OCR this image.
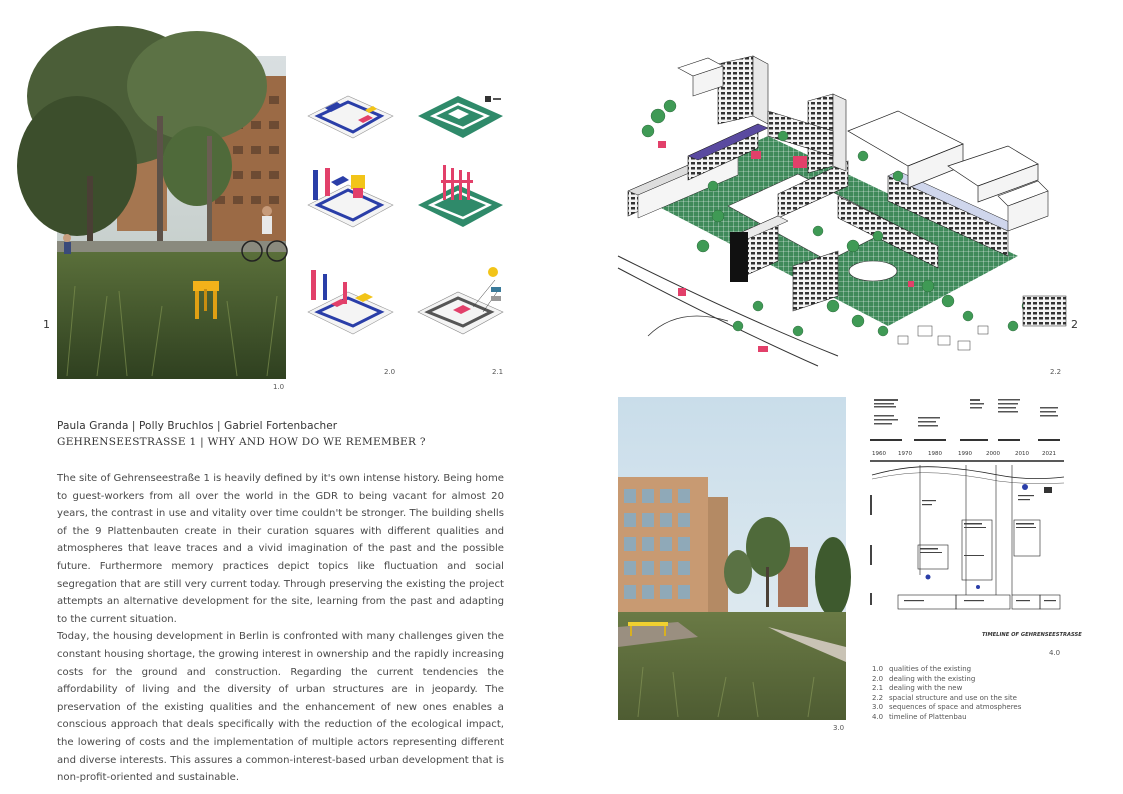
1	2
1.0
2.0	2.1	2.2
3.0
1960 1970	1980	1990	2000	2010 2021
TIMELINE OF GEHRENSEESTRASSE
4.0
1.0 qualities of the existing
2.0 dealing with the existing
2.1 dealing with the new
2.2 spacial structure and use on the site
3.0 sequences of space and atmospheres
4.0 timeline of Plattenbau
Paula Granda | Polly Bruchlos | Gabriel Fortenbacher
GEHRENSEESTRASSE 1 | WHY AND HOW DO WE REMEMBER ?

The site of Gehrenseestraße 1 is heavily defined by it's own intense history. Being home to guest-workers from all over the world in the GDR to being vacant for almost 20 years, the contrast in use and vitality over time couldn't be stronger. The building shells of the 9 Plattenbauten create in their curation squares with different qualities and atmospheres that leave traces and a vivid imagination of the past and the possible future. Furthermore memory practices depict topics like fluctuation and social segregation that are still very current today. Through preserving the existing the project attempts an alternative development for the site, learning from the past and adapting to the current situation.

Today, the housing development in Berlin is confronted with many challenges given the constant housing shortage, the growing interest in ownership and the rapidly increasing costs for the ground and construction. Regarding the current tendencies the affordability of living and the diversity of urban structures are in jeopardy. The preservation of the existing qualities and the enhancement of new ones enables a conscious approach that deals specifically with the reduction of the ecological impact, the lowering of costs and the implementation of multiple actors representing different and diverse interests. This assures a common-interest-based urban development that is non-profit-oriented and sustainable.
